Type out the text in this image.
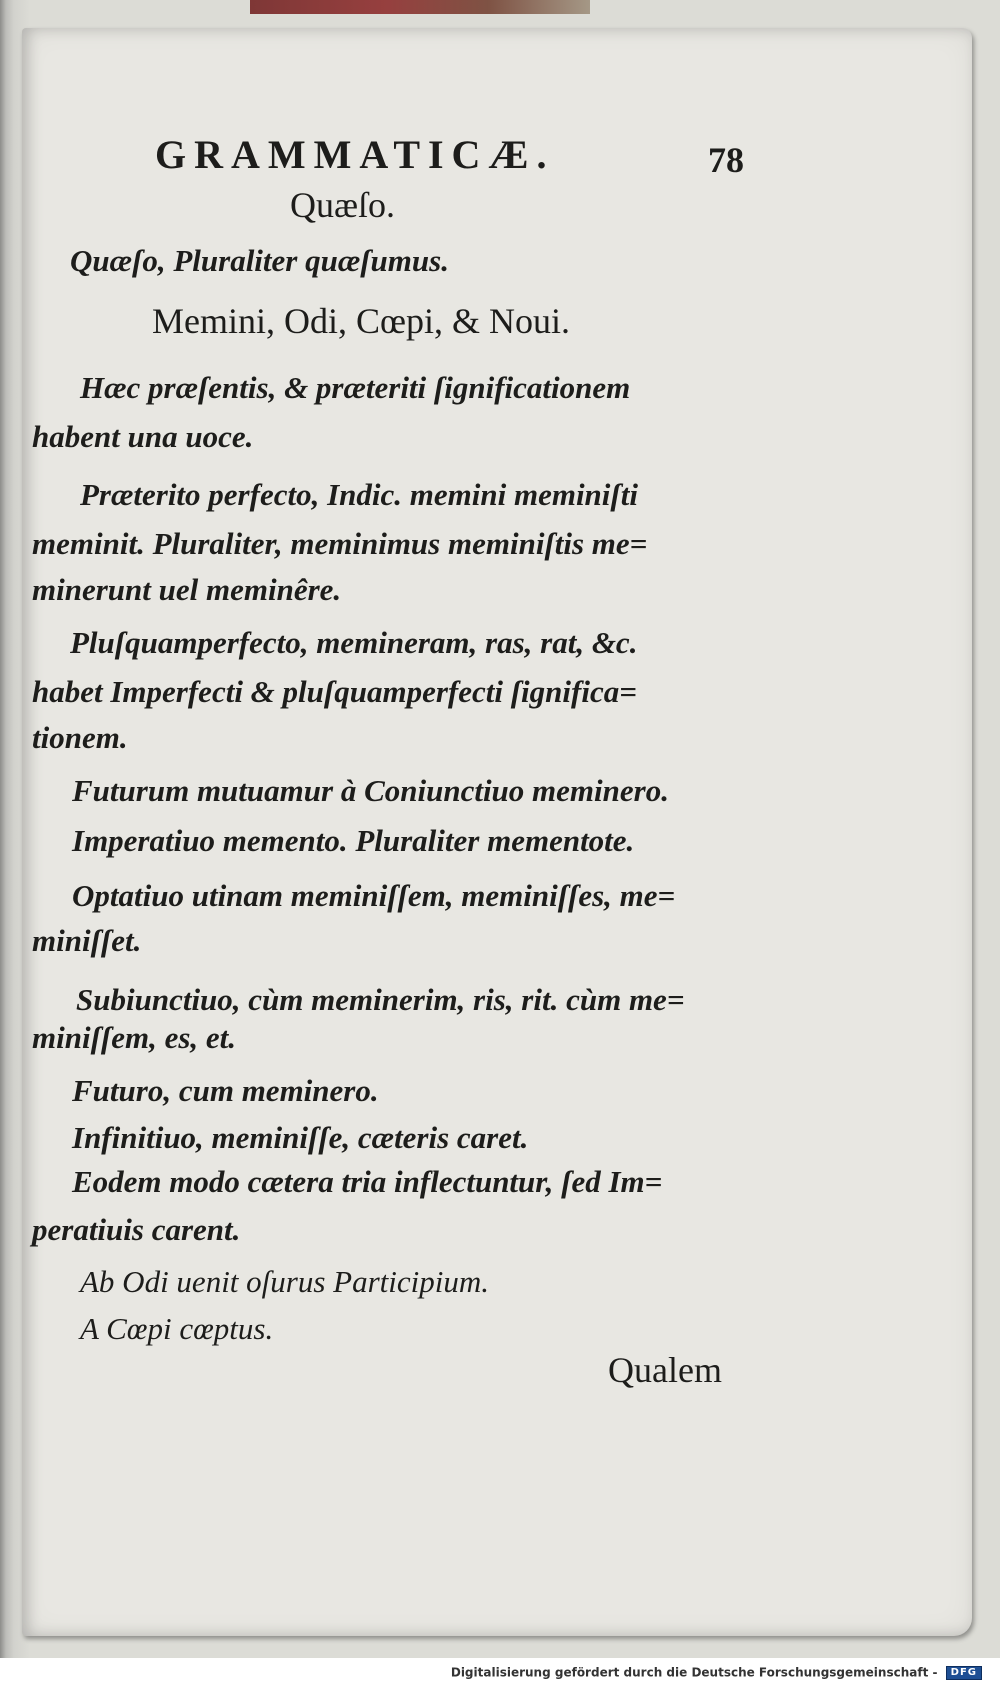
GRAMMATICÆ.	78
Quæſo.
Quæſo, Pluraliter quæſumus.
Memini, Odi, Cœpi, & Noui.
Hæc præſentis, & præteriti ſignificationem
habent una uoce.
Præterito perfecto, Indic. memini meminiſti
meminit. Pluraliter, meminimus meminiſtis me=
minerunt uel meminêre.
Pluſquamperfecto, memineram, ras, rat, &c.
habet Imperfecti & pluſquamperfecti ſignifica=
tionem.
Futurum mutuamur à Coniunctiuo meminero.
Imperatiuo memento. Pluraliter mementote.
Optatiuo utinam meminiſſem, meminiſſes, me=
miniſſet.
Subiunctiuo, cùm meminerim, ris, rit. cùm me=
miniſſem, es, et.
Futuro, cum meminero.
Infinitiuo, meminiſſe, cæteris caret.
Eodem modo cætera tria inflectuntur, ſed Im=
peratiuis carent.
Ab Odi uenit oſurus Participium.
A Cœpi cœptus.
Qualem
Digitalisierung gefördert durch die Deutsche Forschungsgemeinschaft - DFG
